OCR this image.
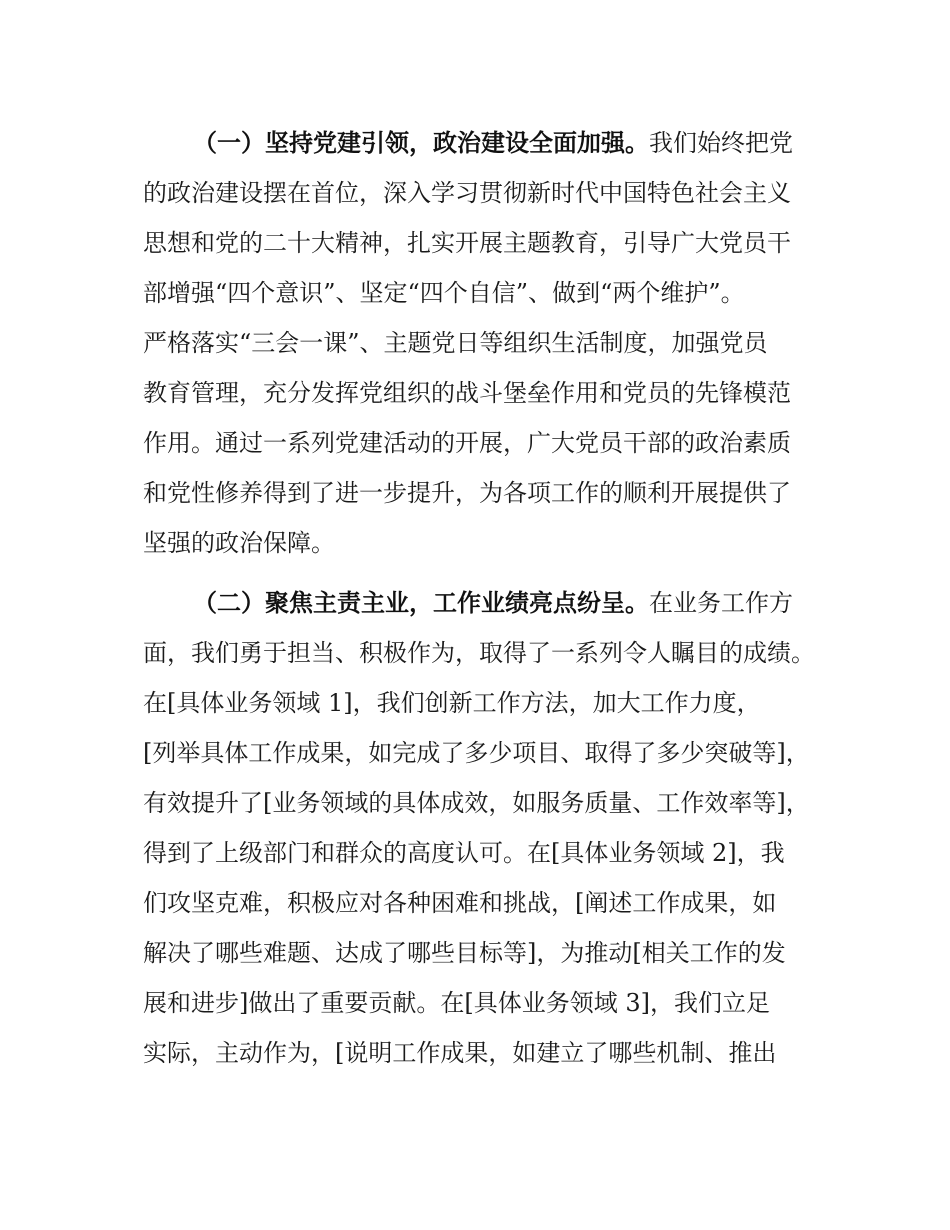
（一）坚持党建引领，政治建设全面加强。我们始终把党

的政治建设摆在首位，深入学习贯彻新时代中国特色社会主义

思想和党的二十大精神，扎实开展主题教育，引导广大党员干

部增强“四个意识”、坚定“四个自信”、做到“两个维护”。

严格落实“三会一课”、主题党日等组织生活制度，加强党员

教育管理，充分发挥党组织的战斗堡垒作用和党员的先锋模范

作用。通过一系列党建活动的开展，广大党员干部的政治素质

和党性修养得到了进一步提升，为各项工作的顺利开展提供了

坚强的政治保障。

（二）聚焦主责主业，工作业绩亮点纷呈。在业务工作方

面，我们勇于担当、积极作为，取得了一系列令人瞩目的成绩。

在[具体业务领域 1]，我们创新工作方法，加大工作力度，

[列举具体工作成果，如完成了多少项目、取得了多少突破等]，

有效提升了[业务领域的具体成效，如服务质量、工作效率等]，

得到了上级部门和群众的高度认可。在[具体业务领域 2]，我

们攻坚克难，积极应对各种困难和挑战，[阐述工作成果，如

解决了哪些难题、达成了哪些目标等]，为推动[相关工作的发

展和进步]做出了重要贡献。在[具体业务领域 3]，我们立足

实际，主动作为，[说明工作成果，如建立了哪些机制、推出
